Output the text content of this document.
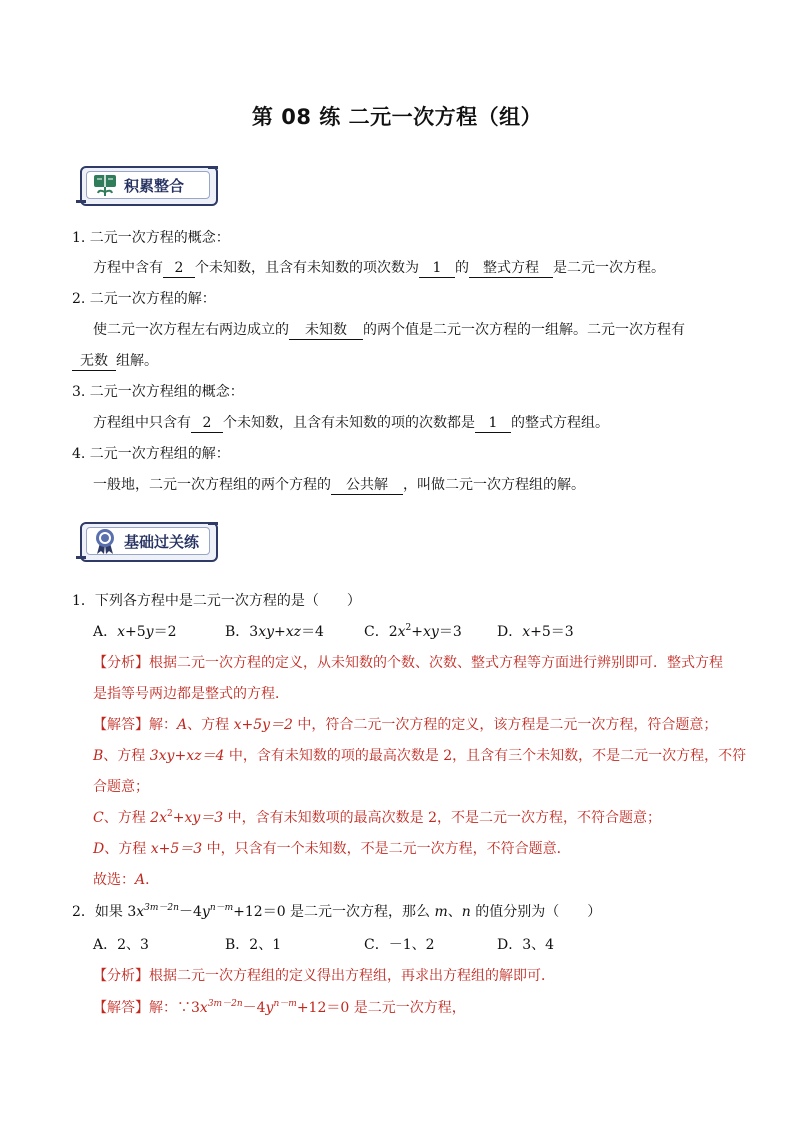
第 08 练 二元一次方程（组）
积累整合
1. 二元一次方程的概念：
方程中含有 2 个未知数，且含有未知数的项次数为 1 的 整式方程 是二元一次方程。
2. 二元一次方程的解：
使二元一次方程左右两边成立的 未知数 的两个值是二元一次方程的一组解。二元一次方程有
无数 组解。
3. 二元一次方程组的概念：
方程组中只含有 2 个未知数，且含有未知数的项的次数都是 1 的整式方程组。
4. 二元一次方程组的解：
一般地，二元一次方程组的两个方程的 公共解 ，叫做二元一次方程组的解。
基础过关练
1．下列各方程中是二元一次方程的是（　　）
A．x+5y＝2	B．3xy+xz＝4	C．$2x^2+xy=3$	D．x+5＝3
【分析】根据二元一次方程的定义，从未知数的个数、次数、整式方程等方面进行辨别即可．整式方程
是指等号两边都是整式的方程．
【解答】解：A、方程 x+5y＝2 中，符合二元一次方程的定义，该方程是二元一次方程，符合题意；
B、方程 3xy+xz＝4 中，含有未知数的项的最高次数是 2，且含有三个未知数，不是二元一次方程，不符
合题意；
C、方程 $2x^2+xy=3$ 中，含有未知数项的最高次数是 2，不是二元一次方程，不符合题意；
D、方程 x+5＝3 中，只含有一个未知数，不是二元一次方程，不符合题意．
故选：A．
2．如果 $3x^{3m-2n}-4y^{n-m}+12=0$ 是二元一次方程，那么 m、n 的值分别为（　　）
A．2、3	B．2、1	C．－1、2	D．3、4
【分析】根据二元一次方程组的定义得出方程组，再求出方程组的解即可．
【解答】解：$\because 3x^{3m-2n}-4y^{n-m}+12=0$ 是二元一次方程，
